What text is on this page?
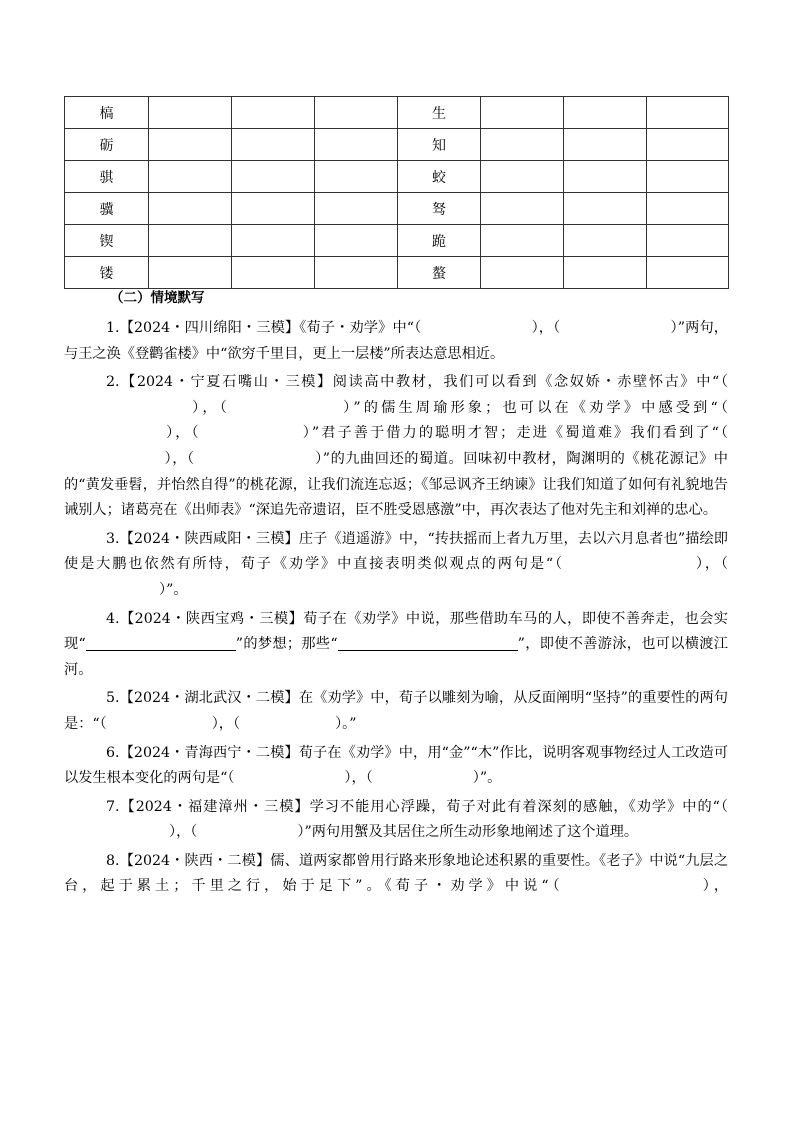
槁				生			
砺				知			
骐				蛟			
骥				驽			
锲				跪			
镂				螯			
（二）情境默写

1.【2024・四川绵阳・三模】《荀子・劝学》中“（	），（	）”两句，与王之涣《登鹳雀楼》中“欲穷千里目，更上一层楼”所表达意思相近。

2.【2024・宁夏石嘴山・三模】阅读高中教材，我们可以看到《念奴娇・赤壁怀古》中“（），（	）”的儒生周瑜形象；也可以在《劝学》中感受到“（），（	）”君子善于借力的聪明才智；走进《蜀道难》我们看到了“（），（	）”的九曲回还的蜀道。回味初中教材，陶渊明的《桃花源记》中的“黄发垂髫，并怡然自得”的桃花源，让我们流连忘返；《邹忌讽齐王纳谏》让我们知道了如何有礼貌地告诫别人；诸葛亮在《出师表》“深追先帝遗诏，臣不胜受恩感激”中，再次表达了他对先主和刘禅的忠心。

3.【2024・陕西咸阳・三模】庄子《逍遥游》中，“抟扶摇而上者九万里，去以六月息者也”描绘即使是大鹏也依然有所恃，荀子《劝学》中直接表明类似观点的两句是“（	），（）”。

4.【2024・陕西宝鸡・三模】荀子在《劝学》中说，那些借助车马的人，即使不善奔走，也会实现“	”的梦想；那些“	”，即使不善游泳，也可以横渡江河。

5.【2024・湖北武汉・二模】在《劝学》中，荀子以雕刻为喻，从反面阐明“坚持”的重要性的两句是：“（	），（	）。”

6.【2024・青海西宁・二模】荀子在《劝学》中，用“金”“木”作比，说明客观事物经过人工改造可以发生根本变化的两句是“（	），（	）”。

7.【2024・福建漳州・三模】学习不能用心浮躁，荀子对此有着深刻的感触，《劝学》中的“（），（	）”两句用蟹及其居住之所生动形象地阐述了这个道理。

8.【2024・陕西・二模】儒、道两家都曾用行路来形象地论述积累的重要性。《老子》中说“九层之台，起于累土；千里之行，始于足下”。《荀子・劝学》中说“（	），
